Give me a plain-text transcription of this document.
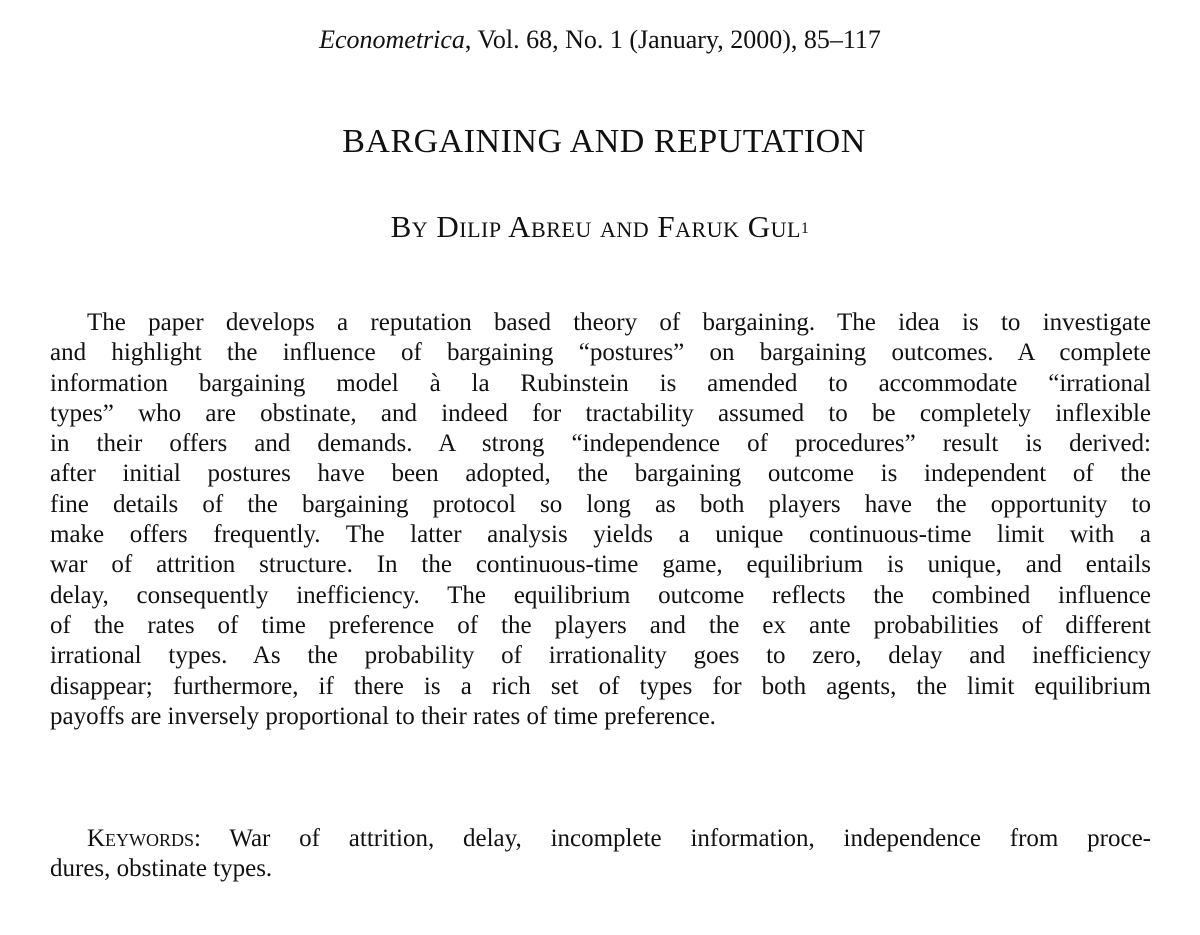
Econometrica, Vol. 68, No. 1 (January, 2000), 85–117
BARGAINING AND REPUTATION
By Dilip Abreu and Faruk Gul$^1$
The paper develops a reputation based theory of bargaining. The idea is to investigate
and highlight the influence of bargaining “postures” on bargaining outcomes. A complete
information bargaining model à la Rubinstein is amended to accommodate “irrational
types” who are obstinate, and indeed for tractability assumed to be completely inflexible
in their offers and demands. A strong “independence of procedures” result is derived:
after initial postures have been adopted, the bargaining outcome is independent of the
fine details of the bargaining protocol so long as both players have the opportunity to
make offers frequently. The latter analysis yields a unique continuous-time limit with a
war of attrition structure. In the continuous-time game, equilibrium is unique, and entails
delay, consequently inefficiency. The equilibrium outcome reflects the combined influence
of the rates of time preference of the players and the ex ante probabilities of different
irrational types. As the probability of irrationality goes to zero, delay and inefficiency
disappear; furthermore, if there is a rich set of types for both agents, the limit equilibrium
payoffs are inversely proportional to their rates of time preference.
Keywords: War of attrition, delay, incomplete information, independence from proce-
dures, obstinate types.
